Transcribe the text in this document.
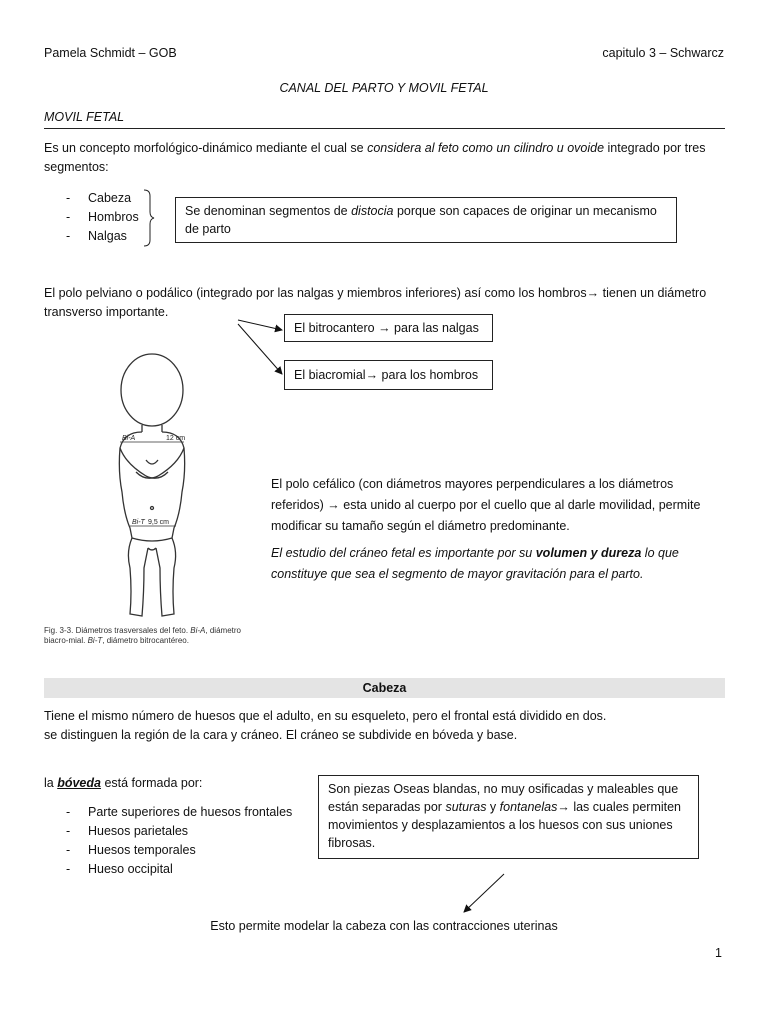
Pamela Schmidt – GOB	capitulo 3 – Schwarcz
CANAL DEL PARTO Y MOVIL FETAL
MOVIL FETAL
Es un concepto morfológico-dinámico mediante el cual se considera al feto como un cilindro u ovoide integrado por tres segmentos:
- Cabeza
- Hombros
- Nalgas
Se denominan segmentos de distocia porque son capaces de originar un mecanismo de parto
El polo pelviano o podálico (integrado por las nalgas y miembros inferiores) así como los hombros→ tienen un diámetro transverso importante.
El bitrocantero → para las nalgas
El biacromial→ para los hombros
Bi-A	12 cm
Bi-T 9,5 cm
Fig. 3-3. Diámetros trasversales del feto. Bi-A, diámetro biacro-mial. Bi-T, diámetro bitrocantéreo.
El polo cefálico (con diámetros mayores perpendiculares a los diámetros referidos) → esta unido al cuerpo por el cuello que al darle movilidad, permite modificar su tamaño según el diámetro predominante.
El estudio del cráneo fetal es importante por su volumen y dureza lo que constituye que sea el segmento de mayor gravitación para el parto.
Cabeza
Tiene el mismo número de huesos que el adulto, en su esqueleto, pero el frontal está dividido en dos.
se distinguen la región de la cara y cráneo. El cráneo se subdivide en bóveda y base.
la bóveda está formada por:
- Parte superiores de huesos frontales
- Huesos parietales
- Huesos temporales
- Hueso occipital
Son piezas Oseas blandas, no muy osificadas y maleables que están separadas por suturas y fontanelas→ las cuales permiten movimientos y desplazamientos a los huesos con sus uniones fibrosas.
Esto permite modelar la cabeza con las contracciones uterinas
1
